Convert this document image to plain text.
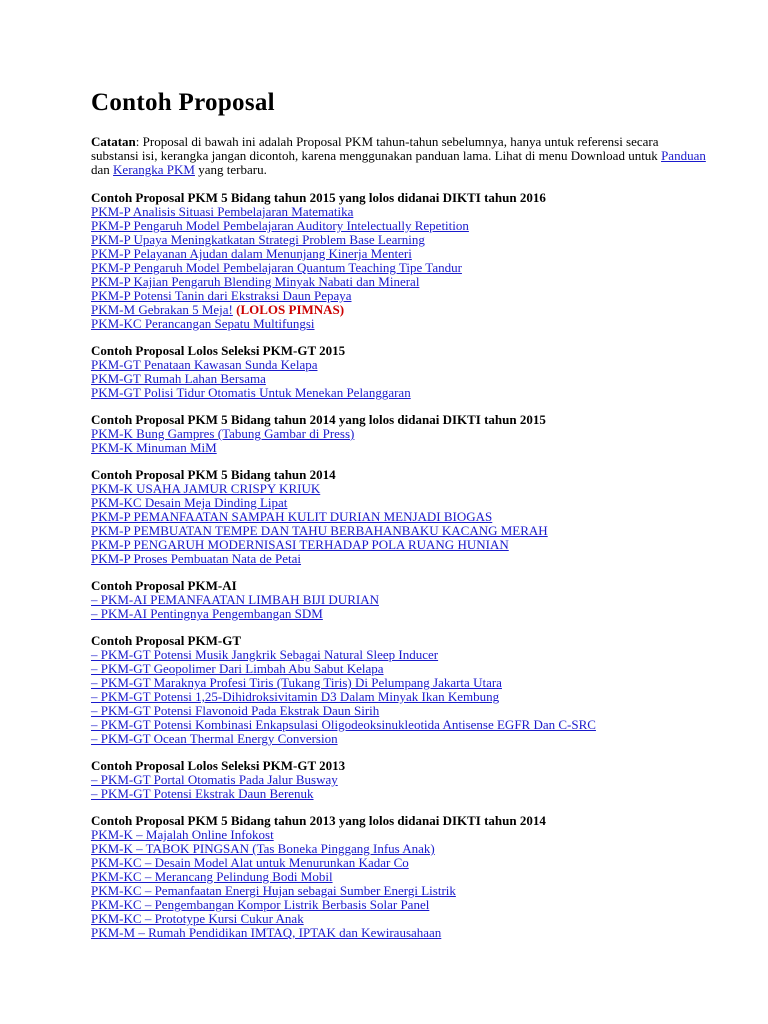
Contoh Proposal

Catatan: Proposal di bawah ini adalah Proposal PKM tahun-tahun sebelumnya, hanya untuk referensi secara substansi isi, kerangka jangan dicontoh, karena menggunakan panduan lama. Lihat di menu Download untuk Panduan dan Kerangka PKM yang terbaru.

Contoh Proposal PKM 5 Bidang tahun 2015 yang lolos didanai DIKTI tahun 2016

PKM-P Analisis Situasi Pembelajaran Matematika
PKM-P Pengaruh Model Pembelajaran Auditory Intelectually Repetition
PKM-P Upaya Meningkatkatan Strategi Problem Base Learning
PKM-P Pelayanan Ajudan dalam Menunjang Kinerja Menteri
PKM-P Pengaruh Model Pembelajaran Quantum Teaching Tipe Tandur
PKM-P Kajian Pengaruh Blending Minyak Nabati dan Mineral
PKM-P Potensi Tanin dari Ekstraksi Daun Pepaya
PKM-M Gebrakan 5 Meja! (LOLOS PIMNAS)
PKM-KC Perancangan Sepatu Multifungsi

Contoh Proposal Lolos Seleksi PKM-GT 2015

PKM-GT Penataan Kawasan Sunda Kelapa
PKM-GT Rumah Lahan Bersama
PKM-GT Polisi Tidur Otomatis Untuk Menekan Pelanggaran

Contoh Proposal PKM 5 Bidang tahun 2014 yang lolos didanai DIKTI tahun 2015

PKM-K Bung Gampres (Tabung Gambar di Press)
PKM-K Minuman MiM

Contoh Proposal PKM 5 Bidang tahun 2014

PKM-K USAHA JAMUR CRISPY KRIUK
PKM-KC Desain Meja Dinding Lipat
PKM-P PEMANFAATAN SAMPAH KULIT DURIAN MENJADI BIOGAS
PKM-P PEMBUATAN TEMPE DAN TAHU BERBAHANBAKU KACANG MERAH
PKM-P PENGARUH MODERNISASI TERHADAP POLA RUANG HUNIAN
PKM-P Proses Pembuatan Nata de Petai

Contoh Proposal PKM-AI

– PKM-AI PEMANFAATAN LIMBAH BIJI DURIAN
– PKM-AI Pentingnya Pengembangan SDM

Contoh Proposal PKM-GT

– PKM-GT Potensi Musik Jangkrik Sebagai Natural Sleep Inducer
– PKM-GT Geopolimer Dari Limbah Abu Sabut Kelapa
– PKM-GT Maraknya Profesi Tiris (Tukang Tiris) Di Pelumpang Jakarta Utara
– PKM-GT Potensi 1,25-Dihidroksivitamin D3 Dalam Minyak Ikan Kembung
– PKM-GT Potensi Flavonoid Pada Ekstrak Daun Sirih
– PKM-GT Potensi Kombinasi Enkapsulasi Oligodeoksinukleotida Antisense EGFR Dan C-SRC
– PKM-GT Ocean Thermal Energy Conversion

Contoh Proposal Lolos Seleksi PKM-GT 2013

– PKM-GT Portal Otomatis Pada Jalur Busway
– PKM-GT Potensi Ekstrak Daun Berenuk

Contoh Proposal PKM 5 Bidang tahun 2013 yang lolos didanai DIKTI tahun 2014

PKM-K – Majalah Online Infokost
PKM-K – TABOK PINGSAN (Tas Boneka Pinggang Infus Anak)
PKM-KC – Desain Model Alat untuk Menurunkan Kadar Co
PKM-KC – Merancang Pelindung Bodi Mobil
PKM-KC – Pemanfaatan Energi Hujan sebagai Sumber Energi Listrik
PKM-KC – Pengembangan Kompor Listrik Berbasis Solar Panel
PKM-KC – Prototype Kursi Cukur Anak
PKM-M – Rumah Pendidikan IMTAQ, IPTAK dan Kewirausahaan
